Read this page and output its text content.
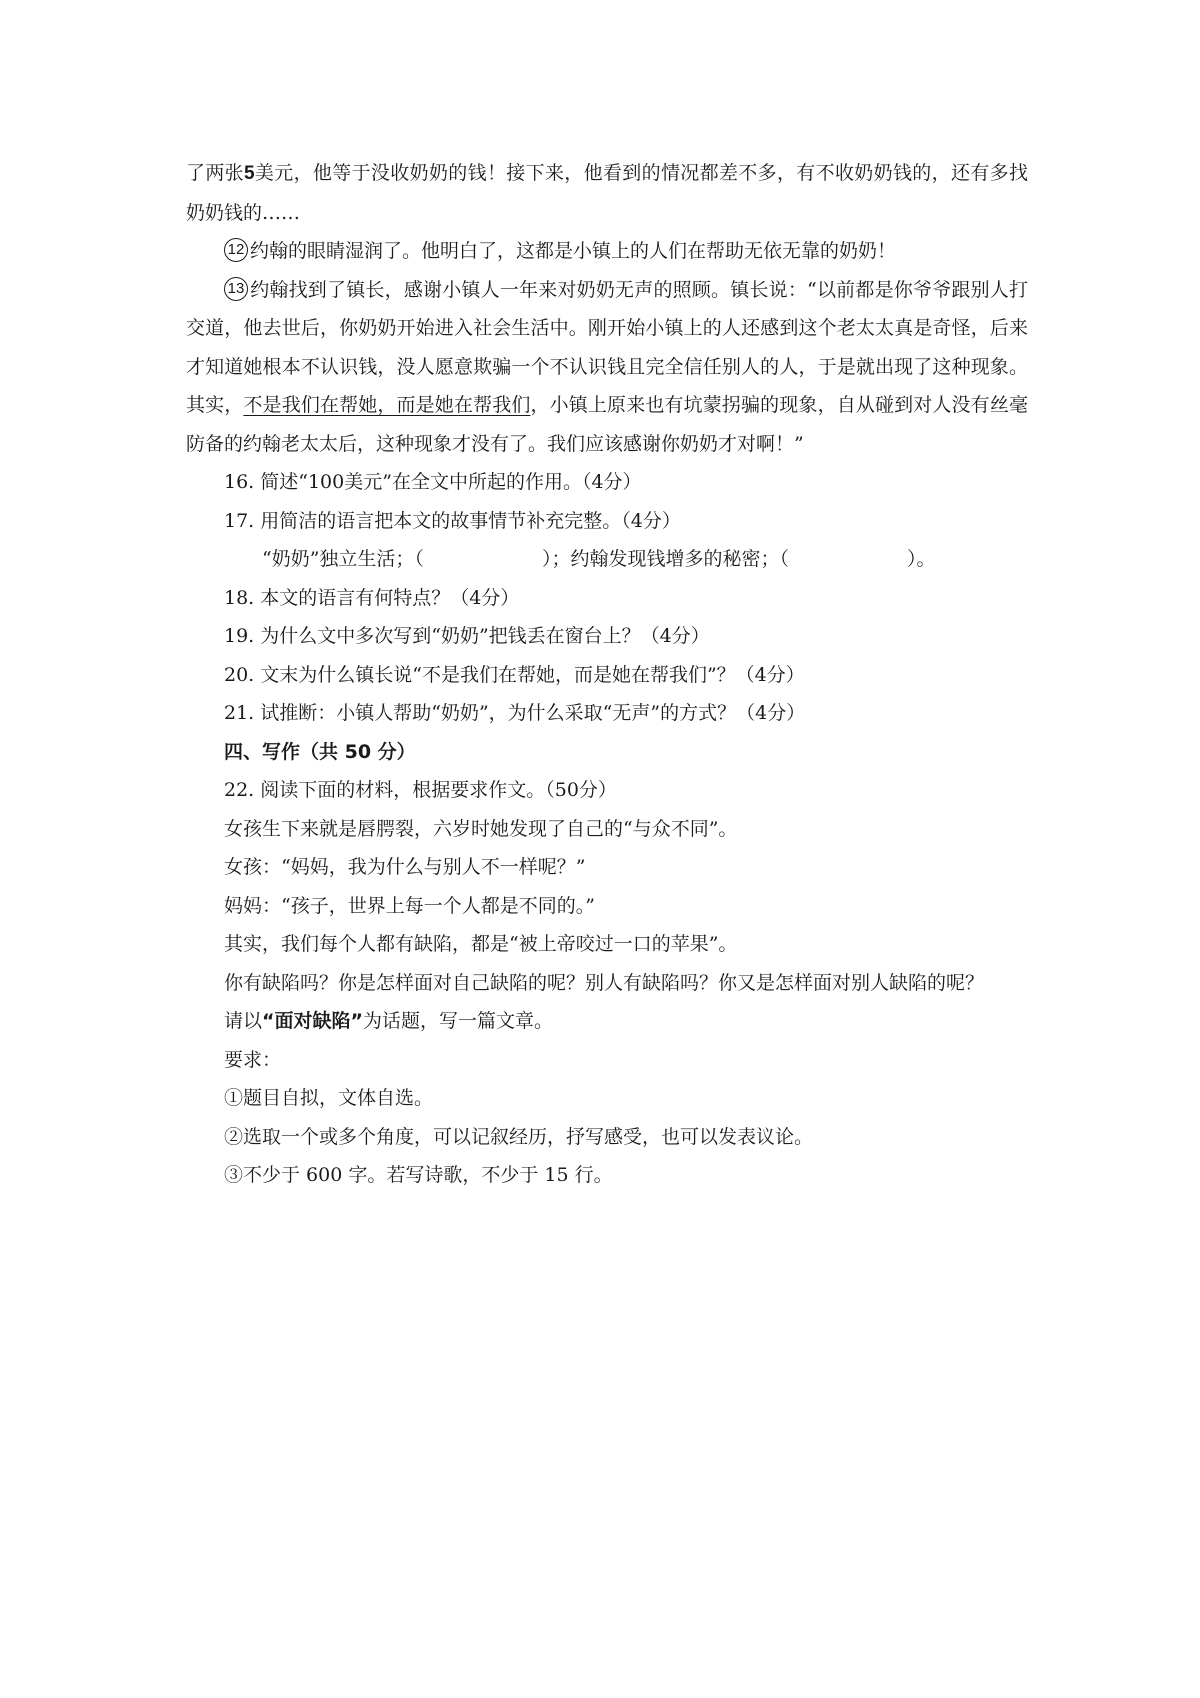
了两张5美元，他等于没收奶奶的钱！接下来，他看到的情况都差不多，有不收奶奶钱的，还有多找奶奶钱的……

12 约翰的眼睛湿润了。他明白了，这都是小镇上的人们在帮助无依无靠的奶奶！

13 约翰找到了镇长，感谢小镇人一年来对奶奶无声的照顾。镇长说：“以前都是你爷爷跟别人打交道，他去世后，你奶奶开始进入社会生活中。刚开始小镇上的人还感到这个老太太真是奇怪，后来才知道她根本不认识钱，没人愿意欺骗一个不认识钱且完全信任别人的人，于是就出现了这种现象。其实，不是我们在帮她，而是她在帮我们，小镇上原来也有坑蒙拐骗的现象，自从碰到对人没有丝毫防备的约翰老太太后，这种现象才没有了。我们应该感谢你奶奶才对啊！”

16. 简述“100美元”在全文中所起的作用。（4分）

17. 用简洁的语言把本文的故事情节补充完整。（4分）

“奶奶”独立生活；（	）；约翰发现钱增多的秘密；（	）。

18. 本文的语言有何特点？（4分）

19. 为什么文中多次写到“奶奶”把钱丢在窗台上？（4分）

20. 文末为什么镇长说“不是我们在帮她，而是她在帮我们”？（4分）

21. 试推断：小镇人帮助“奶奶”，为什么采取“无声”的方式？（4分）

四、写作（共 50 分）

22. 阅读下面的材料，根据要求作文。（50分）

女孩生下来就是唇腭裂，六岁时她发现了自己的“与众不同”。

女孩：“妈妈，我为什么与别人不一样呢？”

妈妈：“孩子，世界上每一个人都是不同的。”

其实，我们每个人都有缺陷，都是“被上帝咬过一口的苹果”。

你有缺陷吗？你是怎样面对自己缺陷的呢？别人有缺陷吗？你又是怎样面对别人缺陷的呢？

请以“面对缺陷”为话题，写一篇文章。

要求：

①题目自拟，文体自选。

②选取一个或多个角度，可以记叙经历，抒写感受，也可以发表议论。

③不少于 600 字。若写诗歌，不少于 15 行。
